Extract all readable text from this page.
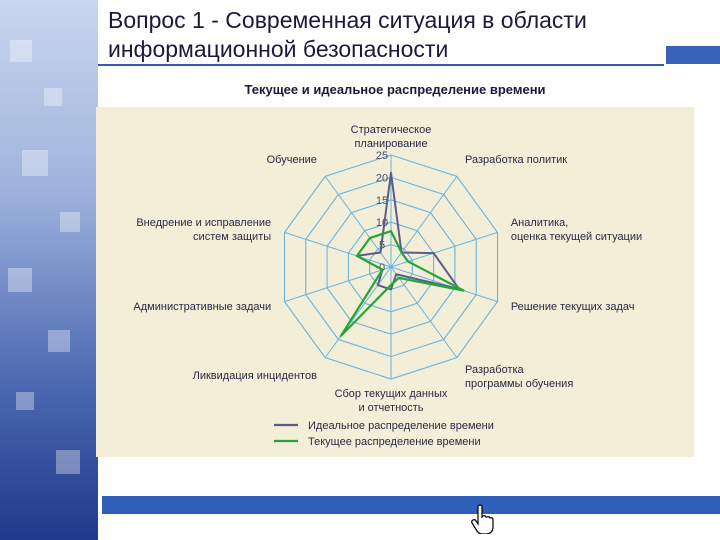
Вопрос 1 - Современная ситуация в области информационной безопасности
Текущее и идеальное распределение времени
0
5
10
15
20
25
Стратегическое планирование
Разработка политик
Аналитика, оценка текущей ситуации
Решение текущих задач
Разработка программы обучения
Сбор текущих данных и отчетность
Ликвидация инцидентов
Административные задачи
Внедрение и исправление систем защиты
Обучение
Идеальное распределение времени
Текущее распределение времени
